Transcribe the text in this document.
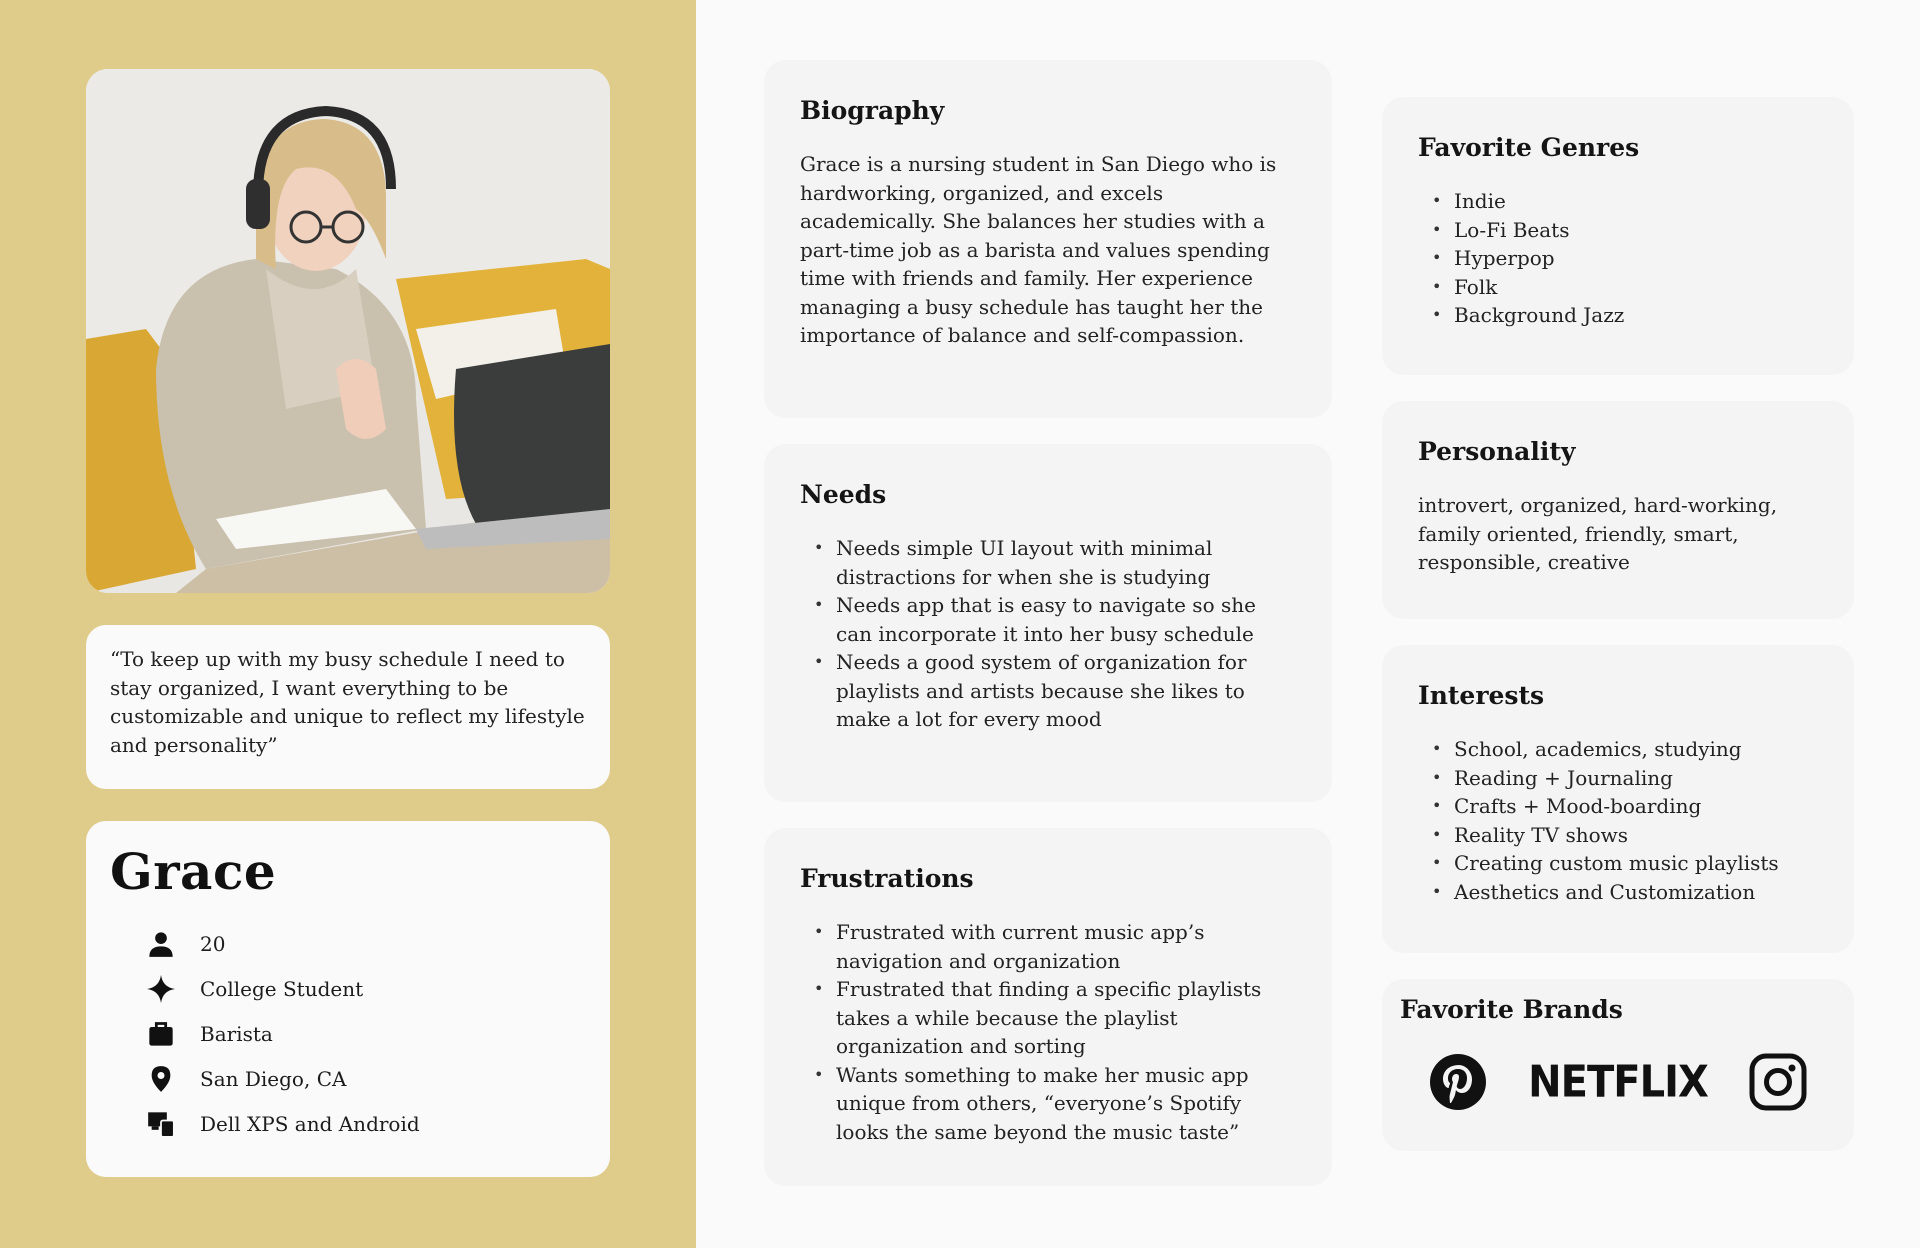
“To keep up with my busy schedule I need to stay organized, I want everything to be customizable and unique to reflect my lifestyle and personality”

Grace
20
College Student
Barista
San Diego, CA
Dell XPS and Android
Biography

Grace is a nursing student in San Diego who is hardworking, organized, and excels academically. She balances her studies with a part-time job as a barista and values spending time with friends and family. Her experience managing a busy schedule has taught her the importance of balance and self-compassion.

Needs
• Needs simple UI layout with minimal distractions for when she is studying
• Needs app that is easy to navigate so she can incorporate it into her busy schedule
• Needs a good system of organization for playlists and artists because she likes to make a lot for every mood
Frustrations
• Frustrated with current music app’s navigation and organization
• Frustrated that finding a specific playlists takes a while because the playlist organization and sorting
• Wants something to make her music app unique from others, “everyone’s Spotify looks the same beyond the music taste”
Favorite Genres
• Indie
• Lo-Fi Beats
• Hyperpop
• Folk
• Background Jazz
Personality

introvert, organized, hard-working, family oriented, friendly, smart, responsible, creative

Interests
• School, academics, studying
• Reading + Journaling
• Crafts + Mood-boarding
• Reality TV shows
• Creating custom music playlists
• Aesthetics and Customization
Favorite Brands
NETFLIX
